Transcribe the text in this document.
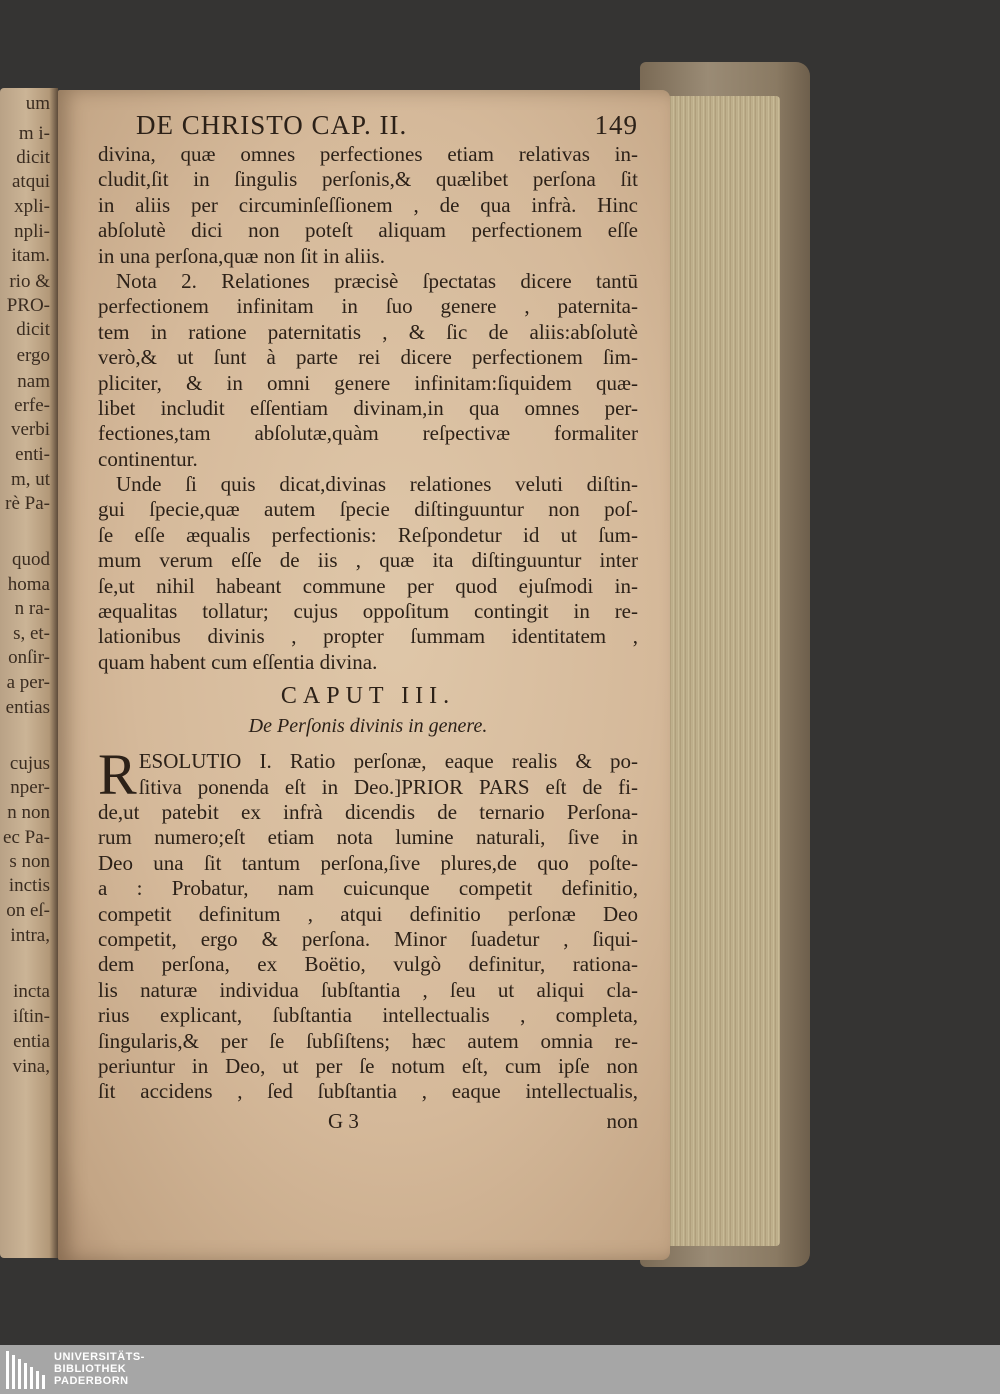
um
m i-
dicit
atqui
xpli-
npli-
itam.
rio &
PRO-
dicit
ergo
nam
erfe-
verbi
enti-
m, ut
rè Pa-
quod
homa
n ra-
s, et-
onſir-
a per-
entias
cujus
nper-
n non
ec Pa-
s non
inctis
on eſ-
intra,
incta
iſtin-
entia
vina,
DE CHRISTO CAP. II.	149
divina, quæ omnes perfectiones etiam relativas in-
cludit,ſit in ſingulis perſonis,& quælibet perſona ſit
in aliis per circuminſeſſionem , de qua infrà. Hinc
abſolutè dici non poteſt aliquam perfectionem eſſe
in una perſona,quæ non ſit in aliis.
Nota 2. Relationes præcisè ſpectatas dicere tantū
perfectionem infinitam in ſuo genere , paternita-
tem in ratione paternitatis , & ſic de aliis:abſolutè
verò,& ut ſunt à parte rei dicere perfectionem ſim-
pliciter, & in omni genere infinitam:ſiquidem quæ-
libet includit eſſentiam divinam,in qua omnes per-
fectiones,tam abſolutæ,quàm reſpectivæ formaliter
continentur.
Unde ſi quis dicat,divinas relationes veluti diſtin-
gui ſpecie,quæ autem ſpecie diſtinguuntur non poſ-
ſe eſſe æqualis perfectionis: Reſpondetur id ut ſum-
mum verum eſſe de iis , quæ ita diſtinguuntur inter
ſe,ut nihil habeant commune per quod ejuſmodi in-
æqualitas tollatur; cujus oppoſitum contingit in re-
lationibus divinis , propter ſummam identitatem ,
quam habent cum eſſentia divina.
CAPUT III.
De Perſonis divinis in genere.
R ESOLUTIO I. Ratio perſonæ, eaque realis & po-
ſitiva ponenda eſt in Deo.]PRIOR PARS eſt de fi-
de,ut patebit ex infrà dicendis de ternario Perſona-
rum numero;eſt etiam nota lumine naturali, ſive in
Deo una ſit tantum perſona,ſive plures,de quo poſte-
a : Probatur, nam cuicunque competit definitio,
competit definitum , atqui definitio perſonæ Deo
competit, ergo & perſona. Minor ſuadetur , ſiqui-
dem perſona, ex Boëtio, vulgò definitur, rationa-
lis naturæ individua ſubſtantia , ſeu ut aliqui cla-
rius explicant, ſubſtantia intellectualis , completa,
ſingularis,& per ſe ſubſiſtens; hæc autem omnia re-
periuntur in Deo, ut per ſe notum eſt, cum ipſe non
ſit accidens , ſed ſubſtantia , eaque intellectualis,
G 3	non
UNIVERSITÄTS-
BIBLIOTHEK
PADERBORN
